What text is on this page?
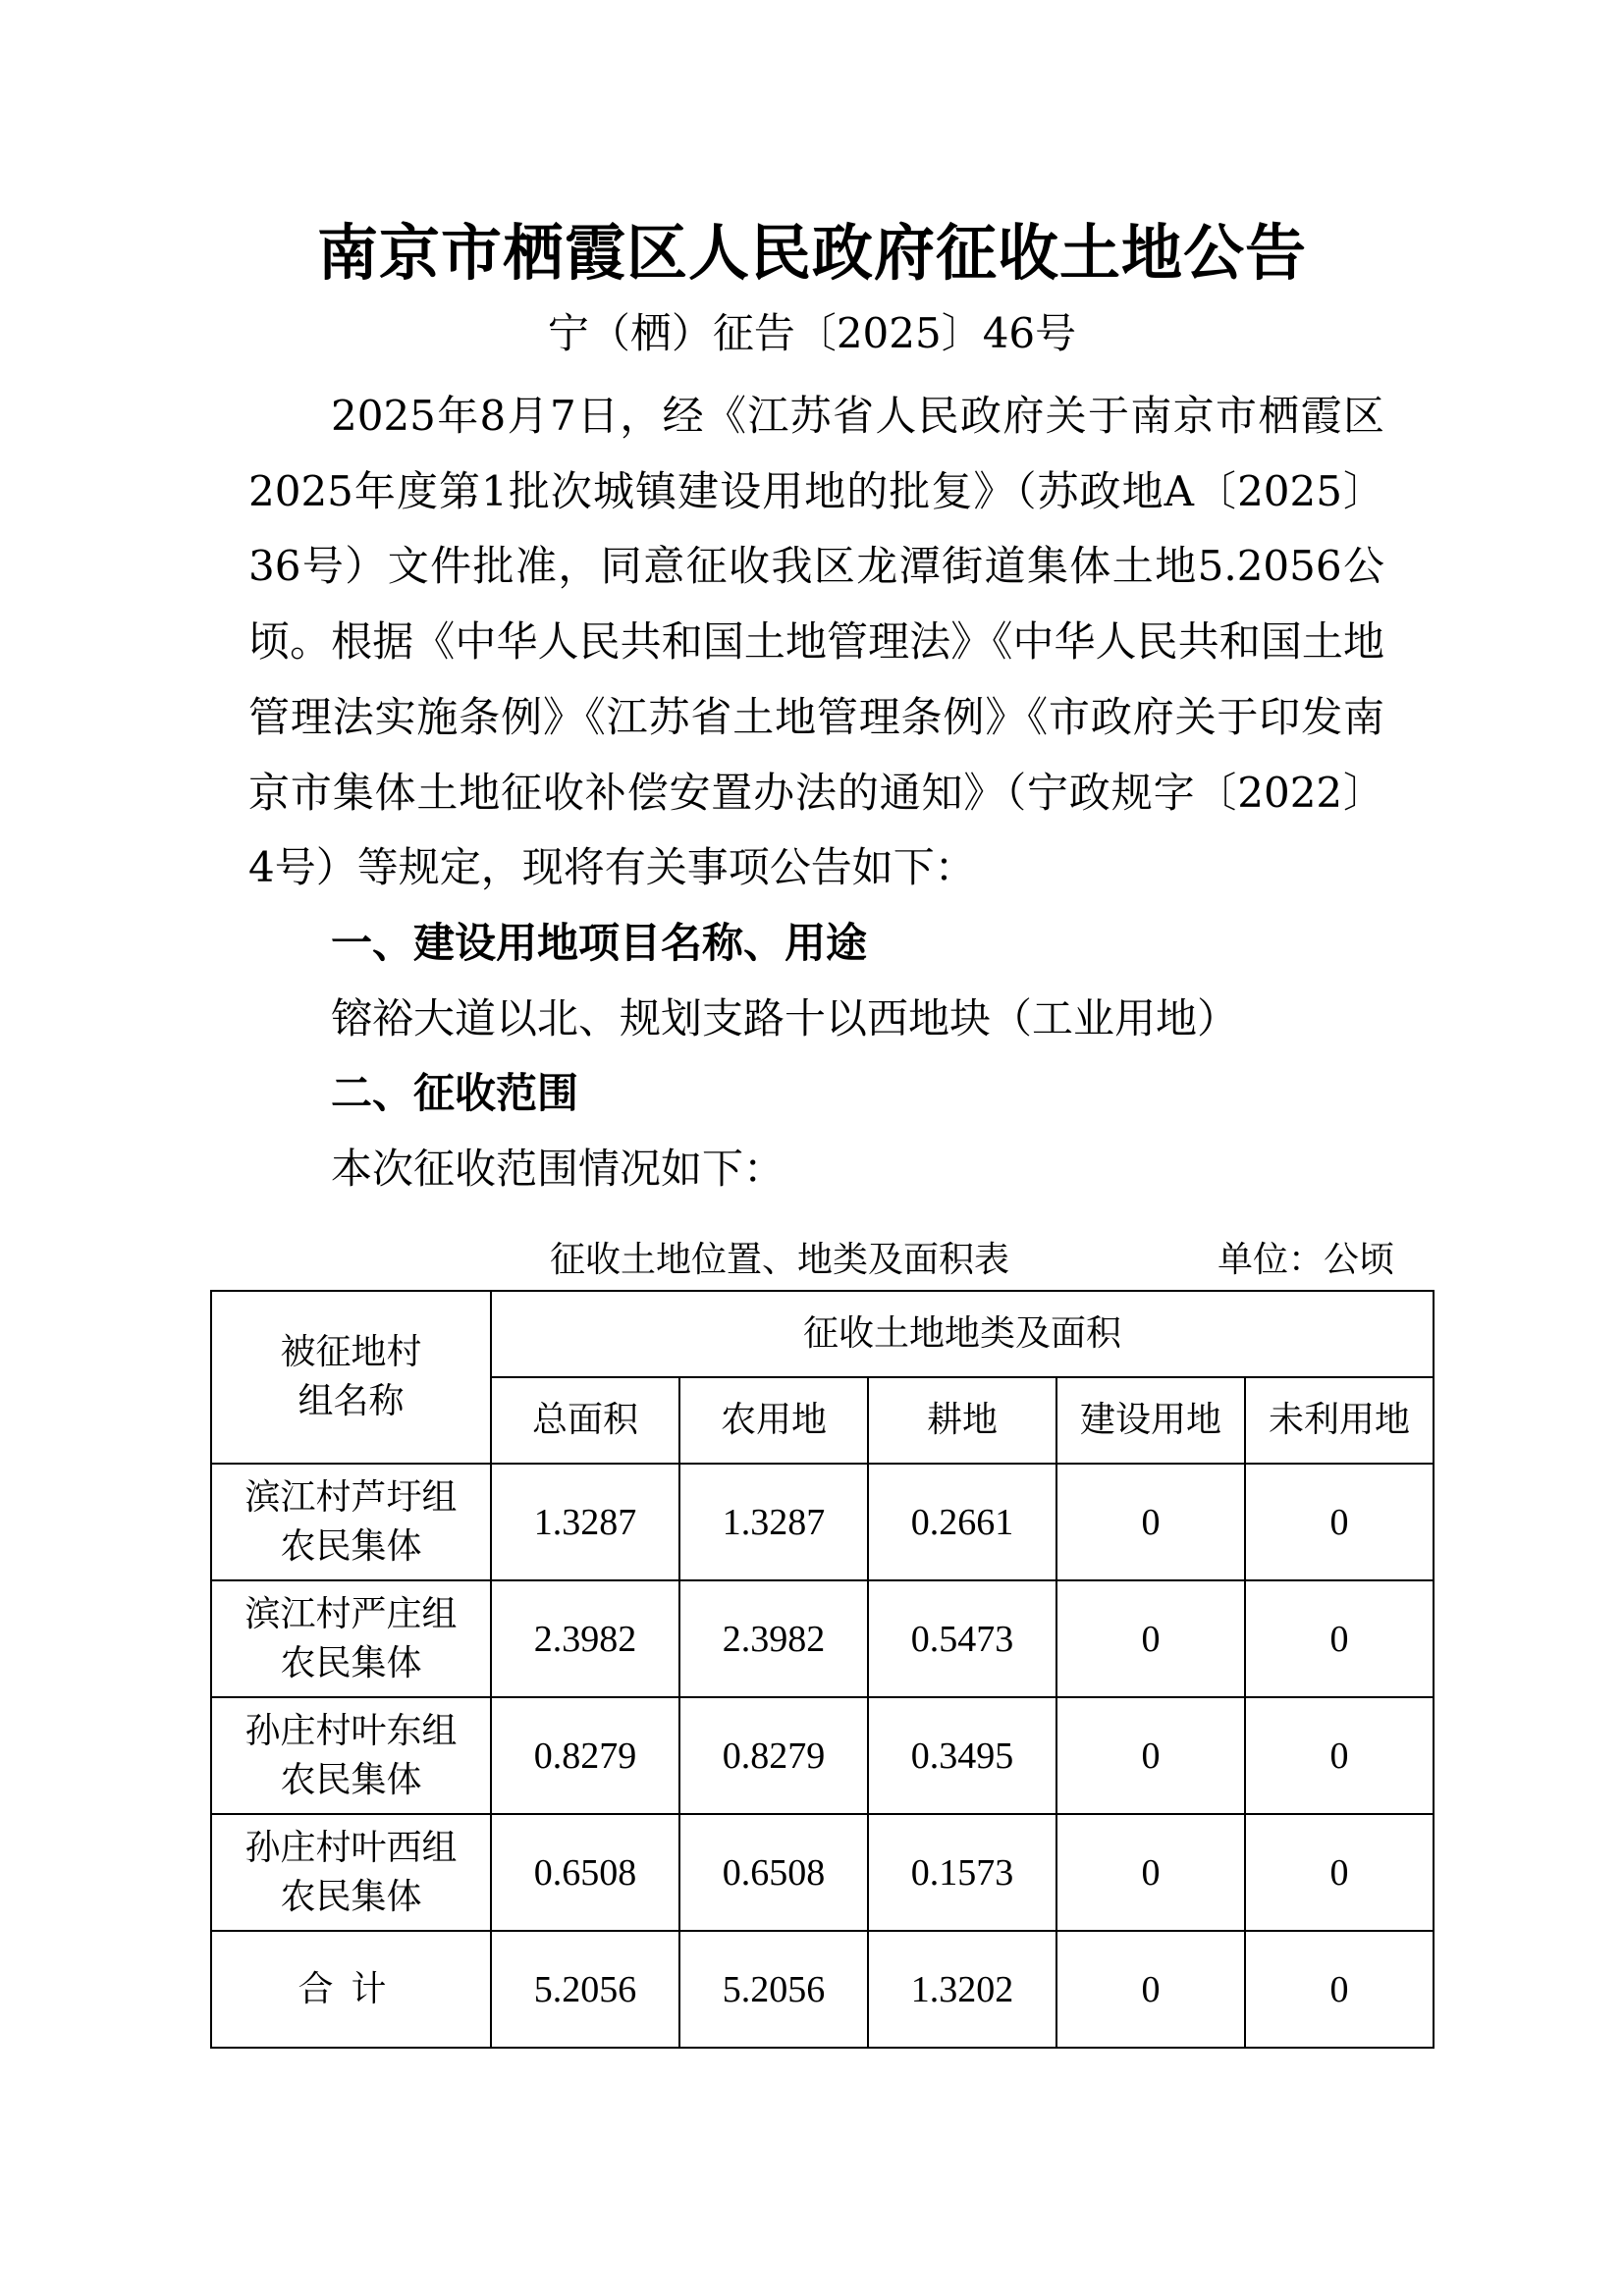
南京市栖霞区人民政府征收土地公告
宁（栖）征告〔2025〕46号

2025年8月7日，经《江苏省人民政府关于南京市栖霞区2025年度第1批次城镇建设用地的批复》（苏政地A〔2025〕36号）文件批准，同意征收我区龙潭街道集体土地5.2056公顷。根据《中华人民共和国土地管理法》《中华人民共和国土地管理法实施条例》《江苏省土地管理条例》《市政府关于印发南京市集体土地征收补偿安置办法的通知》（宁政规字〔2022〕4号）等规定，现将有关事项公告如下：

一、建设用地项目名称、用途

镕裕大道以北、规划支路十以西地块（工业用地）

二、征收范围

本次征收范围情况如下：

征收土地位置、地类及面积表	单位：公顷
被征地村组名称	征收土地地类及面积				
	总面积	农用地	耕地	建设用地	未利用地

滨江村芦圩组农民集体	1.3287	1.3287	0.2661	0	0

滨江村严庄组农民集体	2.3982	2.3982	0.5473	0	0

孙庄村叶东组农民集体	0.8279	0.8279	0.3495	0	0

孙庄村叶西组农民集体	0.6508	0.6508	0.1573	0	0
合计	5.2056	5.2056	1.3202	0	0
